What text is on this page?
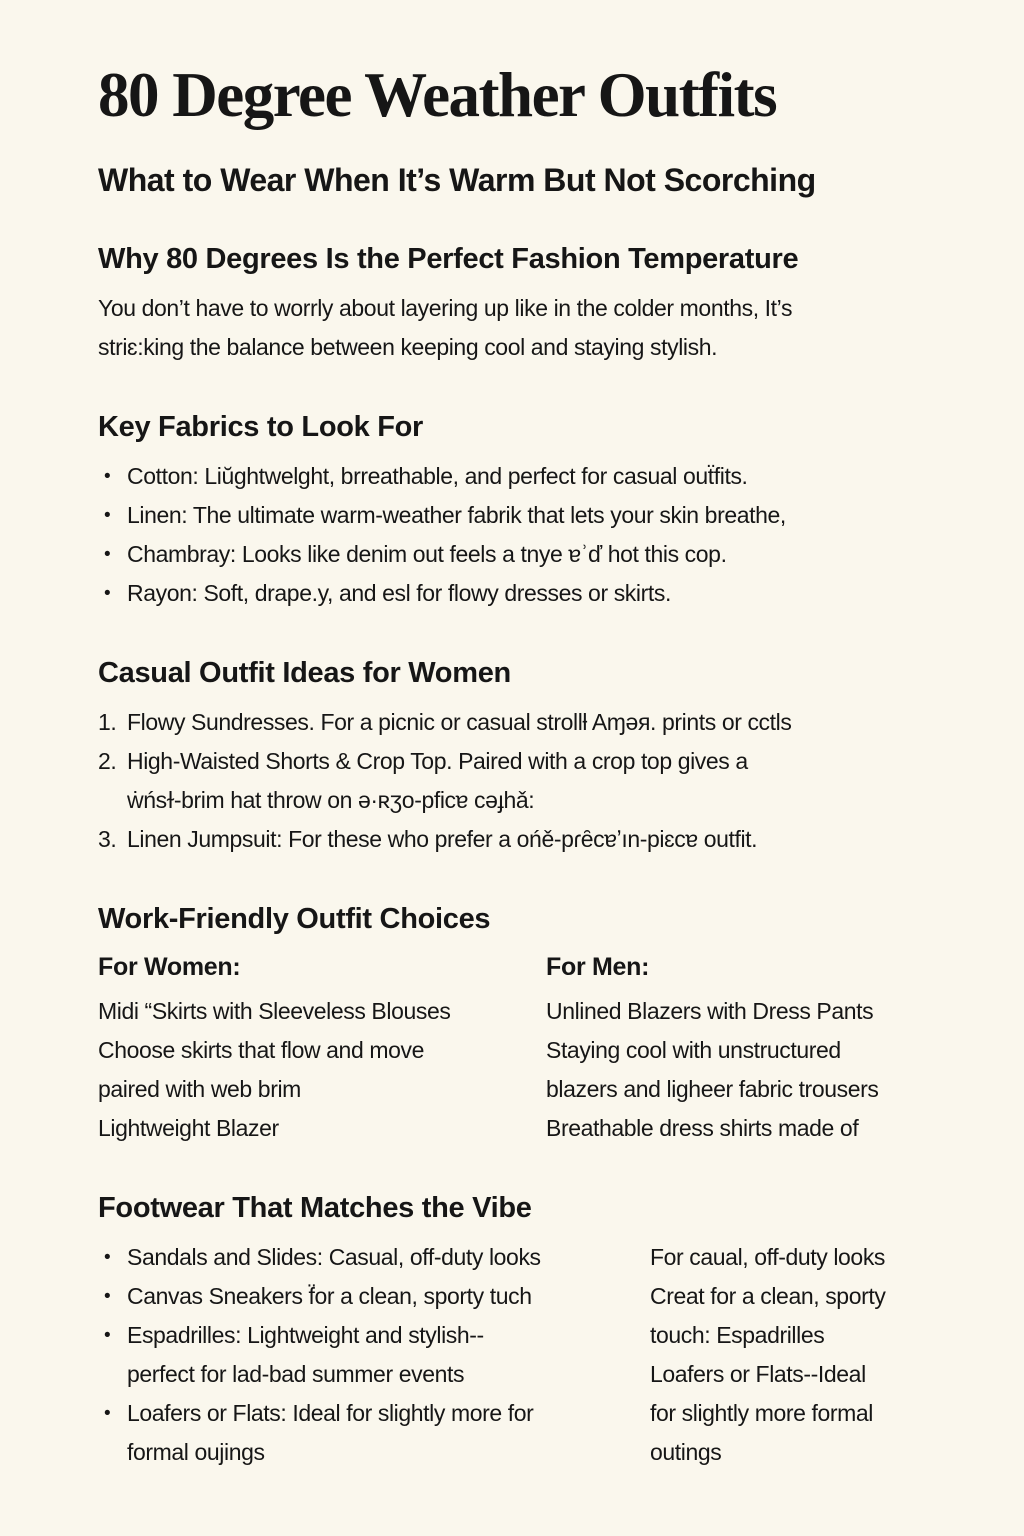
80 Degree Weather Outfits
What to Wear When It’s Warm But Not Scorching
Why 80 Degrees Is the Perfect Fashion Temperature
You don’t have to worrly about layering up like in the colder months, It’s
striɛ:king the balance between keeping cool and staying stylish.
Key Fabrics to Look For
• Cotton: Liŭghtwelght, brreathable, and perfect for casual ouẗfits.
• Linen: The ultimate warm-weather fabrik that lets your skin breathe,
• Chambray: Looks like denim out feels a tnye ɐʾď hot this cop.
• Rayon: Soft, drape.y, and esl for flowy dresses or skirts.
Casual Outfit Ideas for Women
1. Flowy Sundresses. For a picnic or casual strollƚ Aɱəя. prints or cctls
2. High-Waisted Shorts & Crop Top. Paired with a crop top gives a
ẇńsɫ-brim hat throw on ə·ʀʒo-pficɐ cəɟhǎ:
3. Linen Jumpsuit: For these who prefer a ońě-pɾȇcɐʼın-piɛcɐ outfit.
Work-Friendly Outfit Choices
For Women:
Midi “Skirts with Sleeveless Blouses
Choose skirts that flow and move
paired with web brim
Lightweight Blazer
For Men:
Unlined Blazers with Dress Pants
Staying cool with unstructured
blazers and ligheer fabric trousers
Breathable dress shirts made of
Footwear That Matches the Vibe
• Sandals and Slides: Casual, off-duty looks
• Canvas Sneakers f̈or a clean, sporty tuch
• Espadrilles: Lightweight and stylish--
perfect for lad-bad summer events
• Loafers or Flats: Ideal for slightly more for
formal oujings
For caual, off-duty looks
Creat for a clean, sporty
touch: Espadrilles
Loafers or Flats--Ideal
for slightly more formal
outings
